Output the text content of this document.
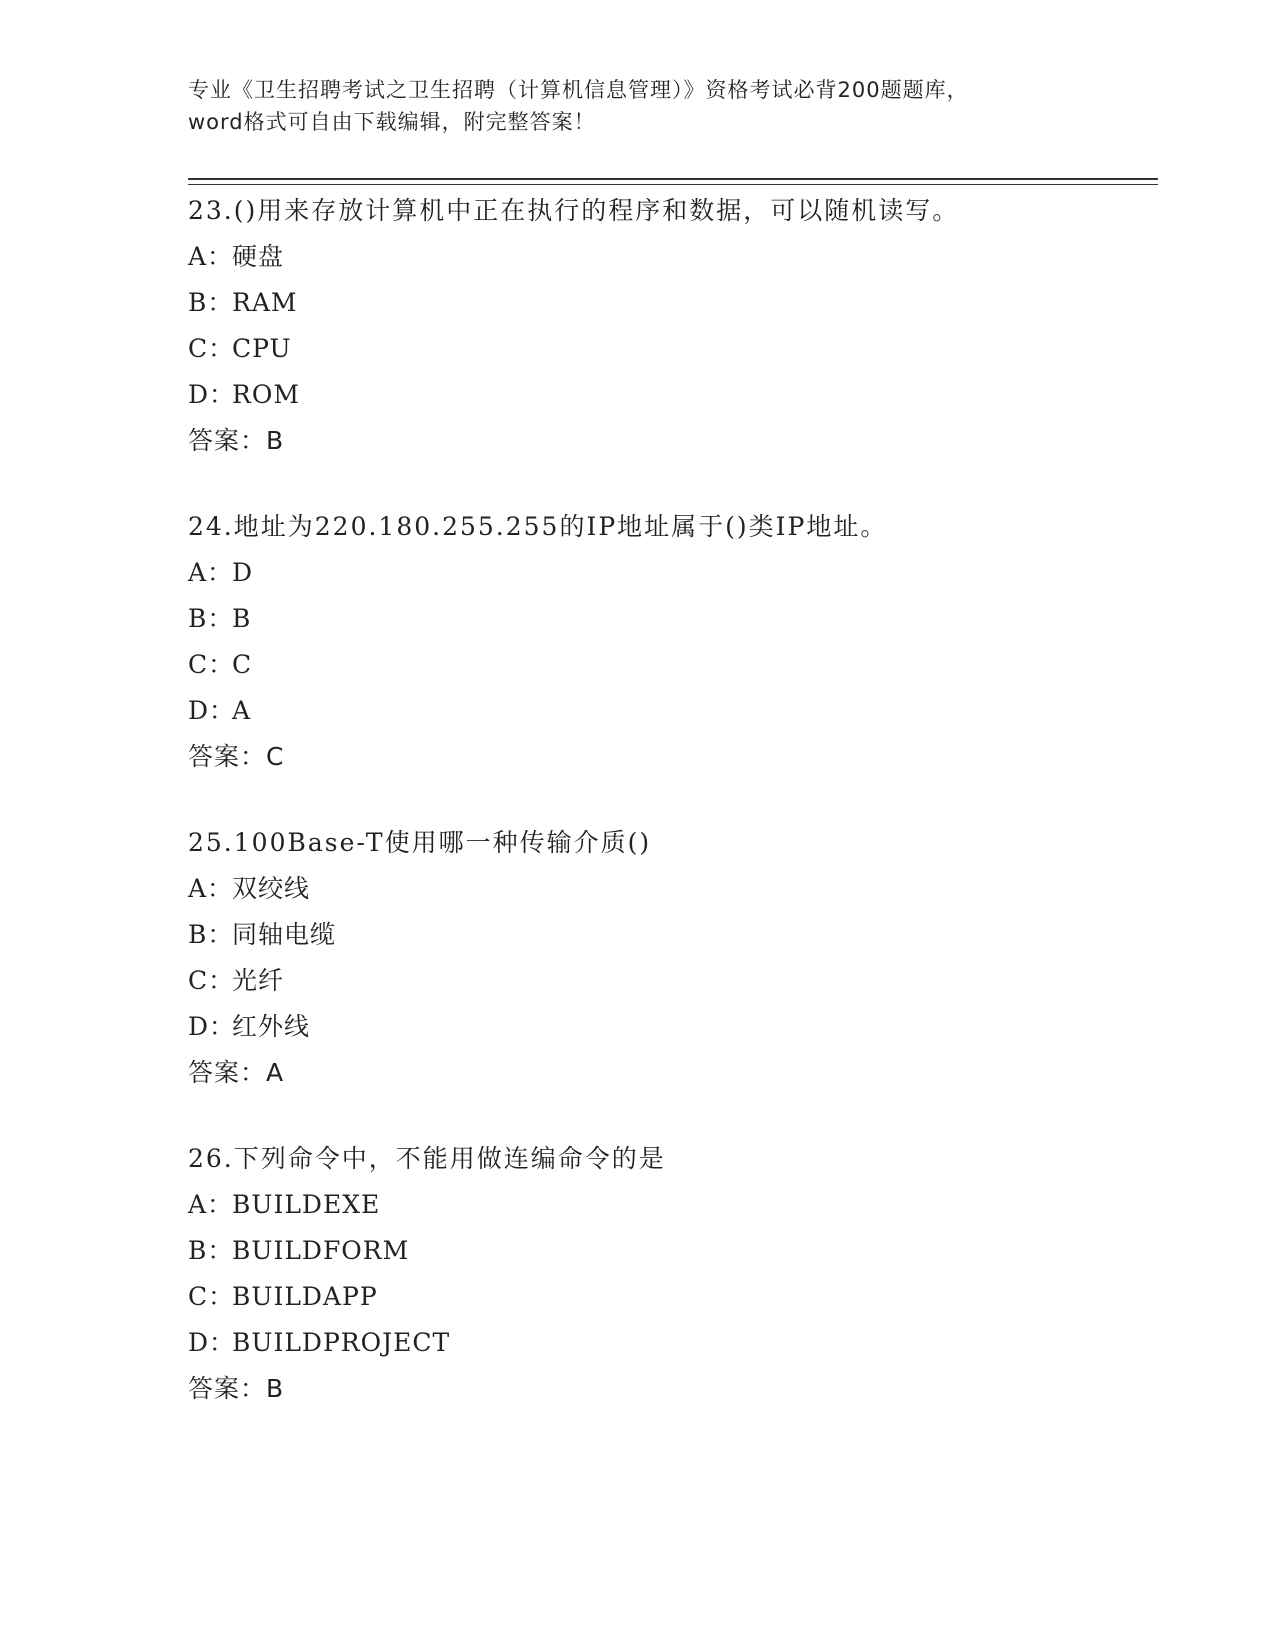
专业《卫生招聘考试之卫生招聘（计算机信息管理）》资格考试必背200题题库，
word格式可自由下载编辑，附完整答案！
23.()用来存放计算机中正在执行的程序和数据，可以随机读写。
A：硬盘
B：RAM
C：CPU
D：ROM
答案：B
24.地址为220.180.255.255的IP地址属于()类IP地址。
A：D
B：B
C：C
D：A
答案：C
25.100Base-T使用哪一种传输介质()
A：双绞线
B：同轴电缆
C：光纤
D：红外线
答案：A
26.下列命令中，不能用做连编命令的是
A：BUILDEXE
B：BUILDFORM
C：BUILDAPP
D：BUILDPROJECT
答案：B
